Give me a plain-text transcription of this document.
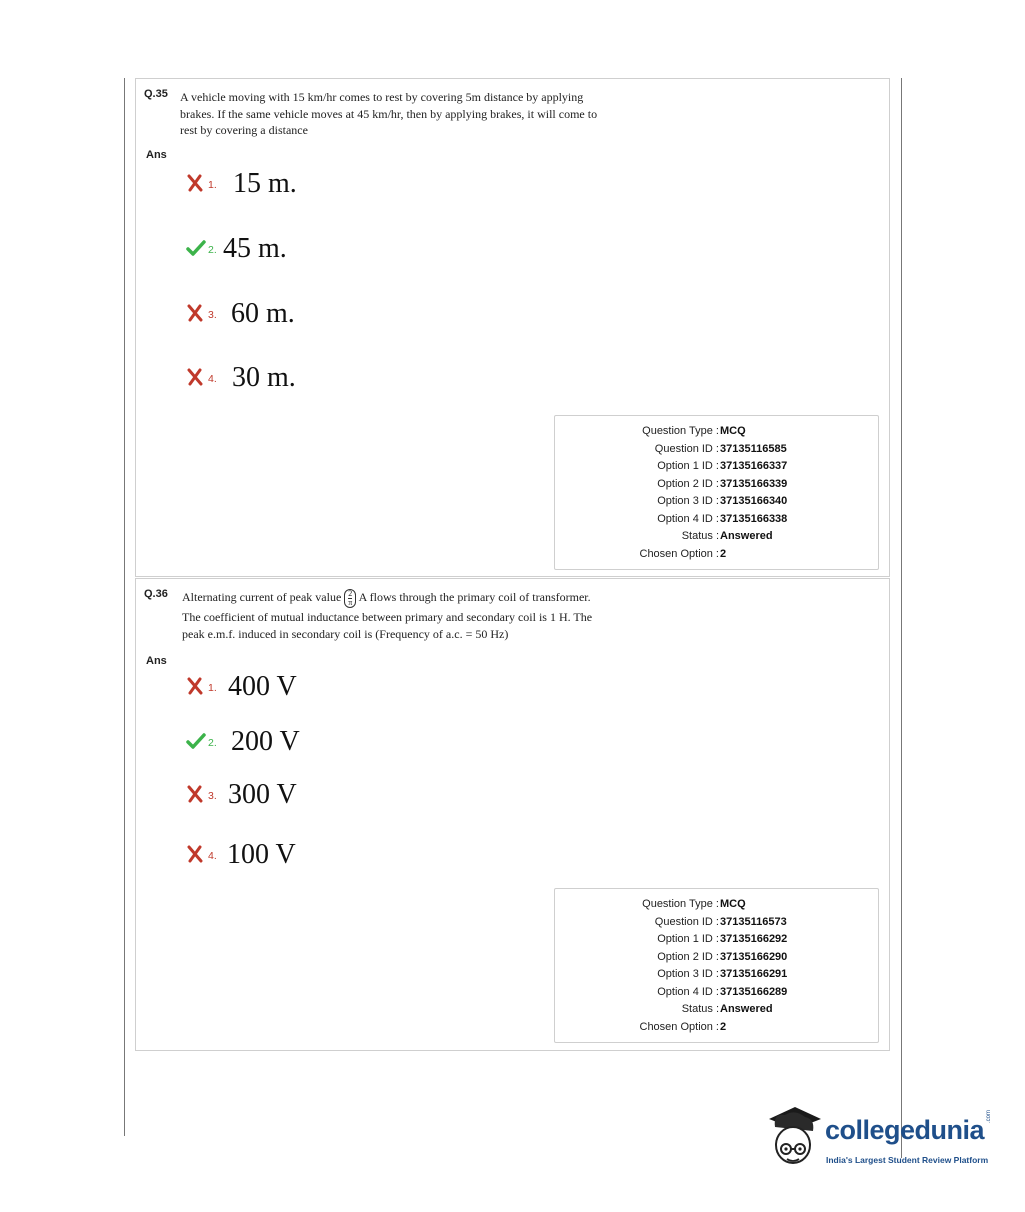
Q.35 A vehicle moving with 15 km/hr comes to rest by covering 5m distance by applying
brakes. If the same vehicle moves at 45 km/hr, then by applying brakes, it will come to
rest by covering a distance
Ans
1. 15 m.
2. 45 m.
3. 60 m.
4. 30 m.
Question Type : MCQ
Question ID : 37135116585
Option 1 ID : 37135166337
Option 2 ID : 37135166339
Option 3 ID : 37135166340
Option 4 ID : 37135166338
Status : Answered
Chosen Option : 2
Q.36 Alternating current of peak value $\frac{2}{\pi}$ A flows through the primary coil of transformer.
The coefficient of mutual inductance between primary and secondary coil is 1 H. The
peak e.m.f. induced in secondary coil is (Frequency of a.c. = 50 Hz)
Ans
1. 400 V
2. 200 V
3. 300 V
4. 100 V
Question Type : MCQ
Question ID : 37135116573
Option 1 ID : 37135166292
Option 2 ID : 37135166290
Option 3 ID : 37135166291
Option 4 ID : 37135166289
Status : Answered
Chosen Option : 2
collegedunia .com
India's Largest Student Review Platform
